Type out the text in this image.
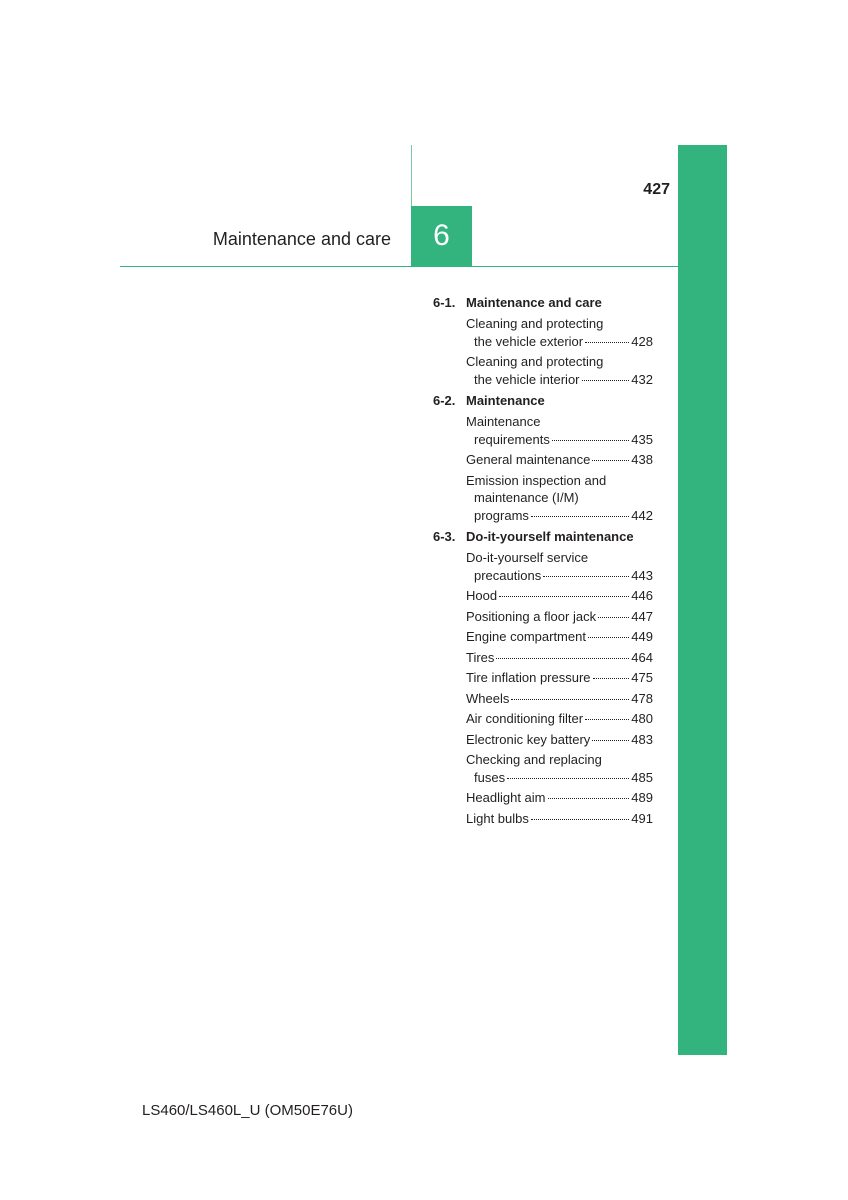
6
Maintenance and care
427
6-1. Maintenance and care
Cleaning and protecting
the vehicle exterior	428
Cleaning and protecting
the vehicle interior	432
6-2. Maintenance
Maintenance
requirements	435
General maintenance	438
Emission inspection and
maintenance (I/M)
programs	442
6-3. Do-it-yourself maintenance
Do-it-yourself service
precautions	443
Hood	446
Positioning a floor jack	447
Engine compartment	449
Tires	464
Tire inflation pressure	475
Wheels	478
Air conditioning filter	480
Electronic key battery	483
Checking and replacing
fuses	485
Headlight aim	489
Light bulbs	491
LS460/LS460L_U (OM50E76U)
